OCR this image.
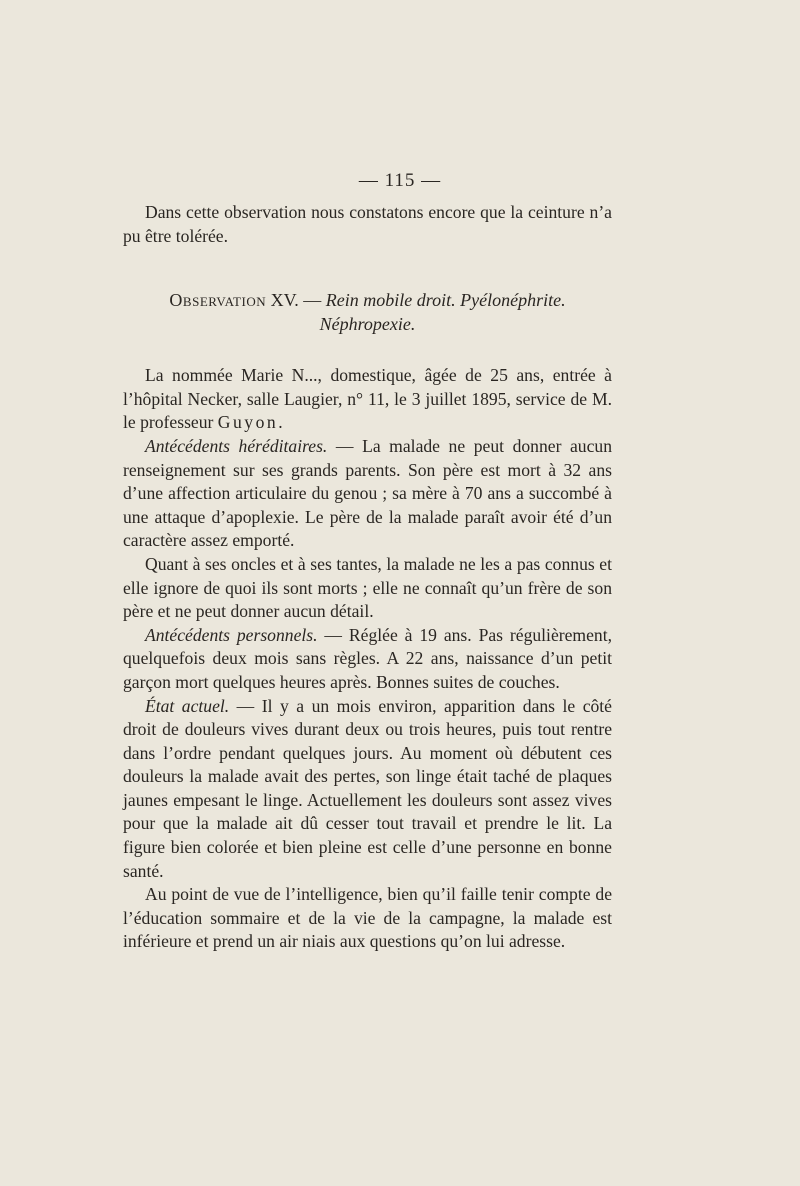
— 115 —

Dans cette observation nous constatons encore que la ceinture n’a pu être tolérée.

Observation XV. — Rein mobile droit. Pyélonéphrite.
Néphropexie.

La nommée Marie N..., domestique, âgée de 25 ans, entrée à l’hôpital Necker, salle Laugier, n° 11, le 3 juillet 1895, service de M. le professeur Guyon.

Antécédents héréditaires. — La malade ne peut donner aucun renseignement sur ses grands parents. Son père est mort à 32 ans d’une affection articulaire du genou ; sa mère à 70 ans a succombé à une attaque d’apoplexie. Le père de la malade paraît avoir été d’un caractère assez emporté.

Quant à ses oncles et à ses tantes, la malade ne les a pas connus et elle ignore de quoi ils sont morts ; elle ne connaît qu’un frère de son père et ne peut donner aucun détail.

Antécédents personnels. — Réglée à 19 ans. Pas régulièrement, quelquefois deux mois sans règles. A 22 ans, naissance d’un petit garçon mort quelques heures après. Bonnes suites de couches.

État actuel. — Il y a un mois environ, apparition dans le côté droit de douleurs vives durant deux ou trois heures, puis tout rentre dans l’ordre pendant quelques jours. Au moment où débutent ces douleurs la malade avait des pertes, son linge était taché de plaques jaunes empesant le linge. Actuellement les douleurs sont assez vives pour que la malade ait dû cesser tout travail et prendre le lit. La figure bien colorée et bien pleine est celle d’une personne en bonne santé.

Au point de vue de l’intelligence, bien qu’il faille tenir compte de l’éducation sommaire et de la vie de la campagne, la malade est inférieure et prend un air niais aux questions qu’on lui adresse.
